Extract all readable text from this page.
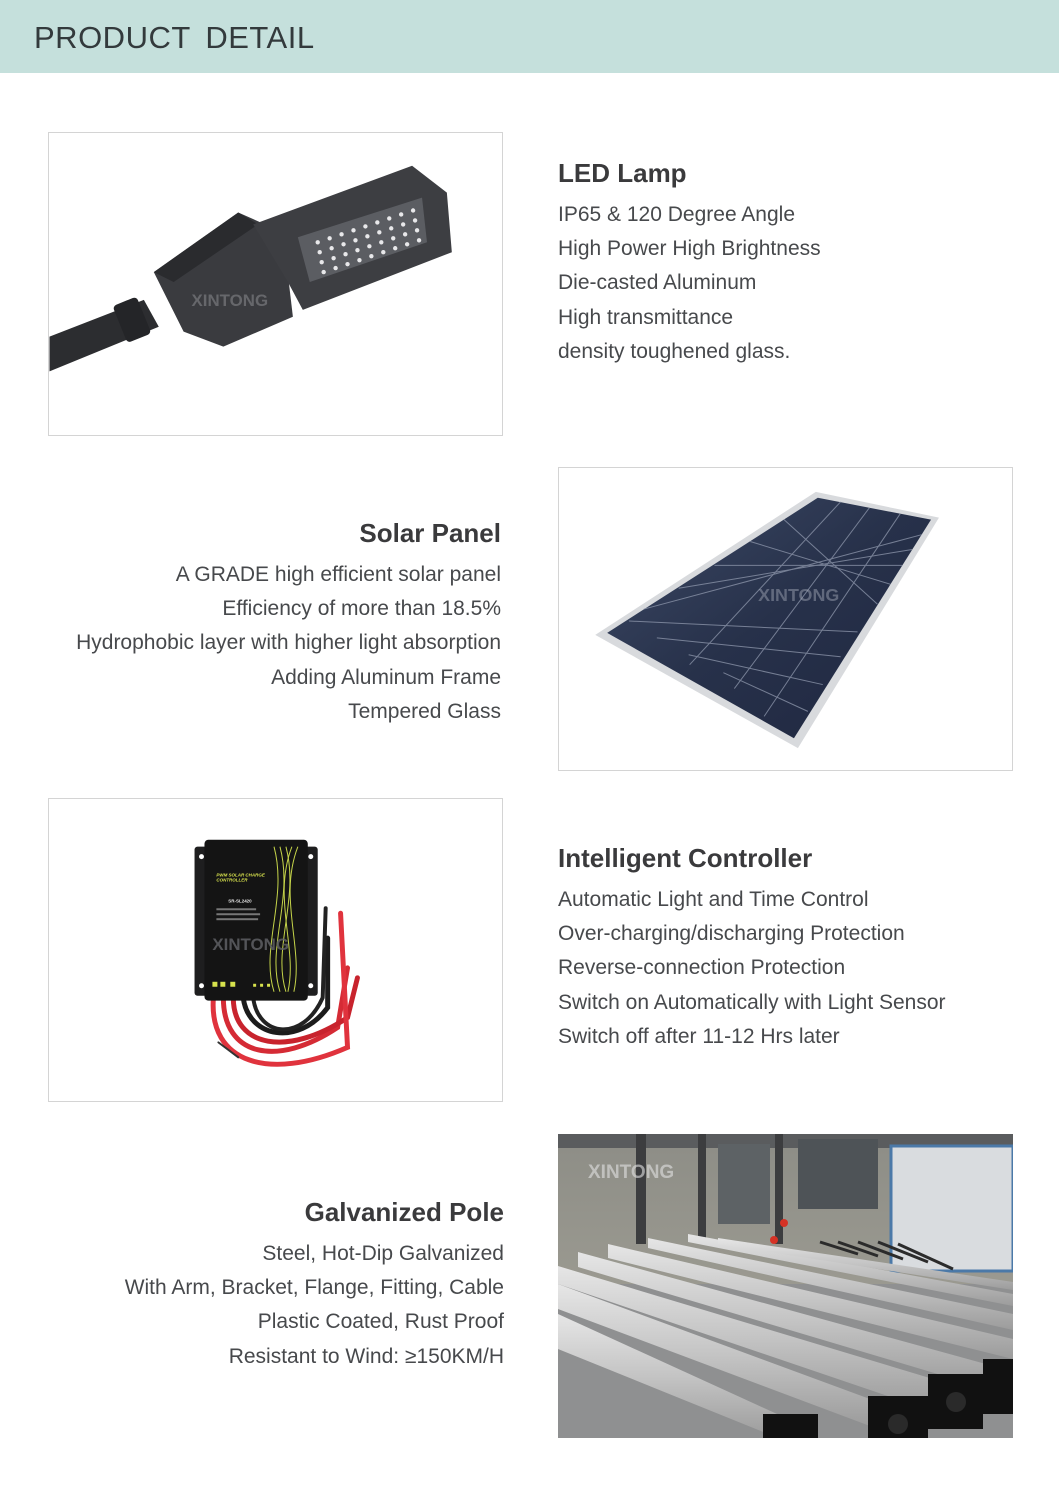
PRODUCT DETAIL
XINTONG
LED Lamp
IP65 & 120 Degree Angle
High Power High Brightness
Die-casted Aluminum
High transmittance
density toughened glass.
Solar Panel
A GRADE high efficient solar panel
Efficiency of more than 18.5%
Hydrophobic layer with higher light absorption
Adding Aluminum Frame
Tempered Glass
XINTONG
PWM SOLAR CHARGE
CONTROLLER
SR-SL2420
XINTONG
Intelligent Controller
Automatic Light and Time Control
Over-charging/discharging Protection
Reverse-connection Protection
Switch on Automatically with Light Sensor
Switch off after 11-12 Hrs later
Galvanized Pole
Steel, Hot-Dip Galvanized
With Arm, Bracket, Flange, Fitting, Cable
Plastic Coated, Rust Proof
Resistant to Wind: ≥150KM/H
XINTONG
